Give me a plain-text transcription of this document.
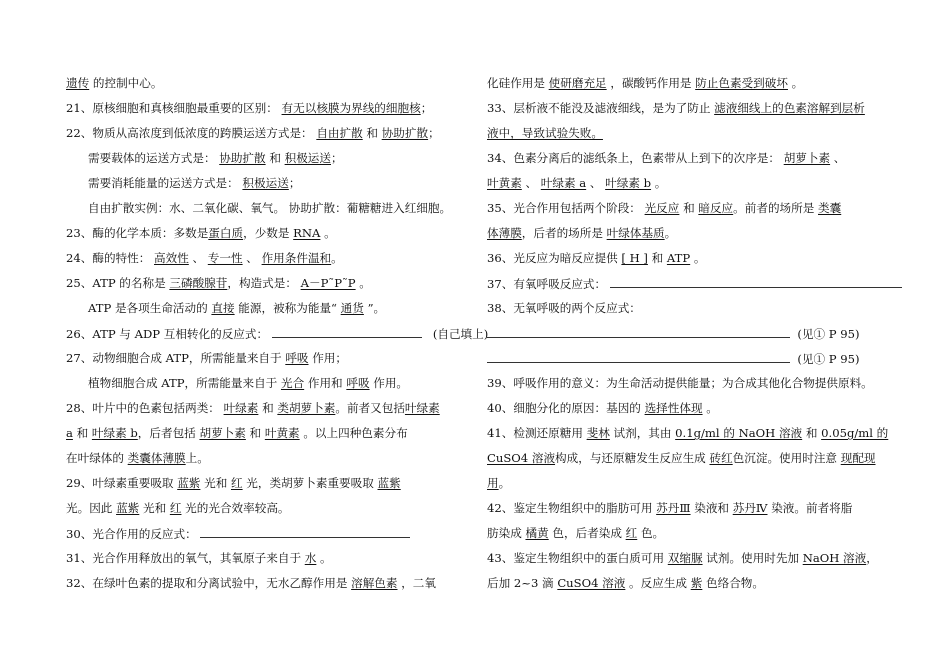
遗传 的控制中心。
21、原核细胞和真核细胞最重要的区别： 有无以核膜为界线的细胞核；
22、物质从高浓度到低浓度的跨膜运送方式是： 自由扩散 和 协助扩散；
需要载体的运送方式是： 协助扩散 和 积极运送；
需要消耗能量的运送方式是： 积极运送；
自由扩散实例：水、二氧化碳、氧气。 协助扩散：葡糖糖进入红细胞。
23、酶的化学本质：多数是蛋白质，少数是 RNA 。
24、酶的特性： 高效性 、 专一性 、 作用条件温和。
25、ATP 的名称是 三磷酸腺苷，构造式是： A－P˜P˜P 。
ATP 是各项生命活动的 直接 能源，被称为能量“ 通货 ”。
26、ATP 与 ADP 互相转化的反应式：	(自己填上)
27、动物细胞合成 ATP，所需能量来自于 呼吸 作用；
植物细胞合成 ATP，所需能量来自于 光合 作用和 呼吸 作用。
28、叶片中的色素包括两类： 叶绿素 和 类胡萝卜素。前者又包括叶绿素
a 和 叶绿素 b，后者包括 胡萝卜素 和 叶黄素 。以上四种色素分布
在叶绿体的 类囊体薄膜上。
29、叶绿素重要吸取 蓝紫 光和 红 光，类胡萝卜素重要吸取 蓝紫
光。因此 蓝紫 光和 红 光的光合效率较高。
30、光合作用的反应式：
31、光合作用释放出的氧气，其氧原子来自于 水 。
32、在绿叶色素的提取和分离试验中，无水乙醇作用是 溶解色素 ，二氧
化硅作用是 使研磨充足 ，碳酸钙作用是 防止色素受到破坏 。
33、层析液不能没及滤液细线，是为了防止 滤液细线上的色素溶解到层析
液中，导致试验失败。
34、色素分离后的滤纸条上，色素带从上到下的次序是： 胡萝卜素 、
叶黄素 、 叶绿素 a 、 叶绿素 b 。
35、光合作用包括两个阶段： 光反应 和 暗反应。前者的场所是 类囊
体薄膜，后者的场所是 叶绿体基质。
36、光反应为暗反应提供 [ H ] 和 ATP 。
37、有氧呼吸反应式：
38、无氧呼吸的两个反应式：
(见① P 95)
(见① P 95)
39、呼吸作用的意义：为生命活动提供能量；为合成其他化合物提供原料。
40、细胞分化的原因：基因的 选择性体现 。
41、检测还原糖用 斐林 试剂，其由 0.1g/ml 的 NaOH 溶液 和 0.05g/ml 的
CuSO4 溶液构成，与还原糖发生反应生成 砖红色沉淀。使用时注意 现配现
用。
42、鉴定生物组织中的脂肪可用 苏丹Ⅲ 染液和 苏丹Ⅳ 染液。前者将脂
肪染成 橘黄 色，后者染成 红 色。
43、鉴定生物组织中的蛋白质可用 双缩脲 试剂。使用时先加 NaOH 溶液，
后加 2~3 滴 CuSO4 溶液 。反应生成 紫 色络合物。
